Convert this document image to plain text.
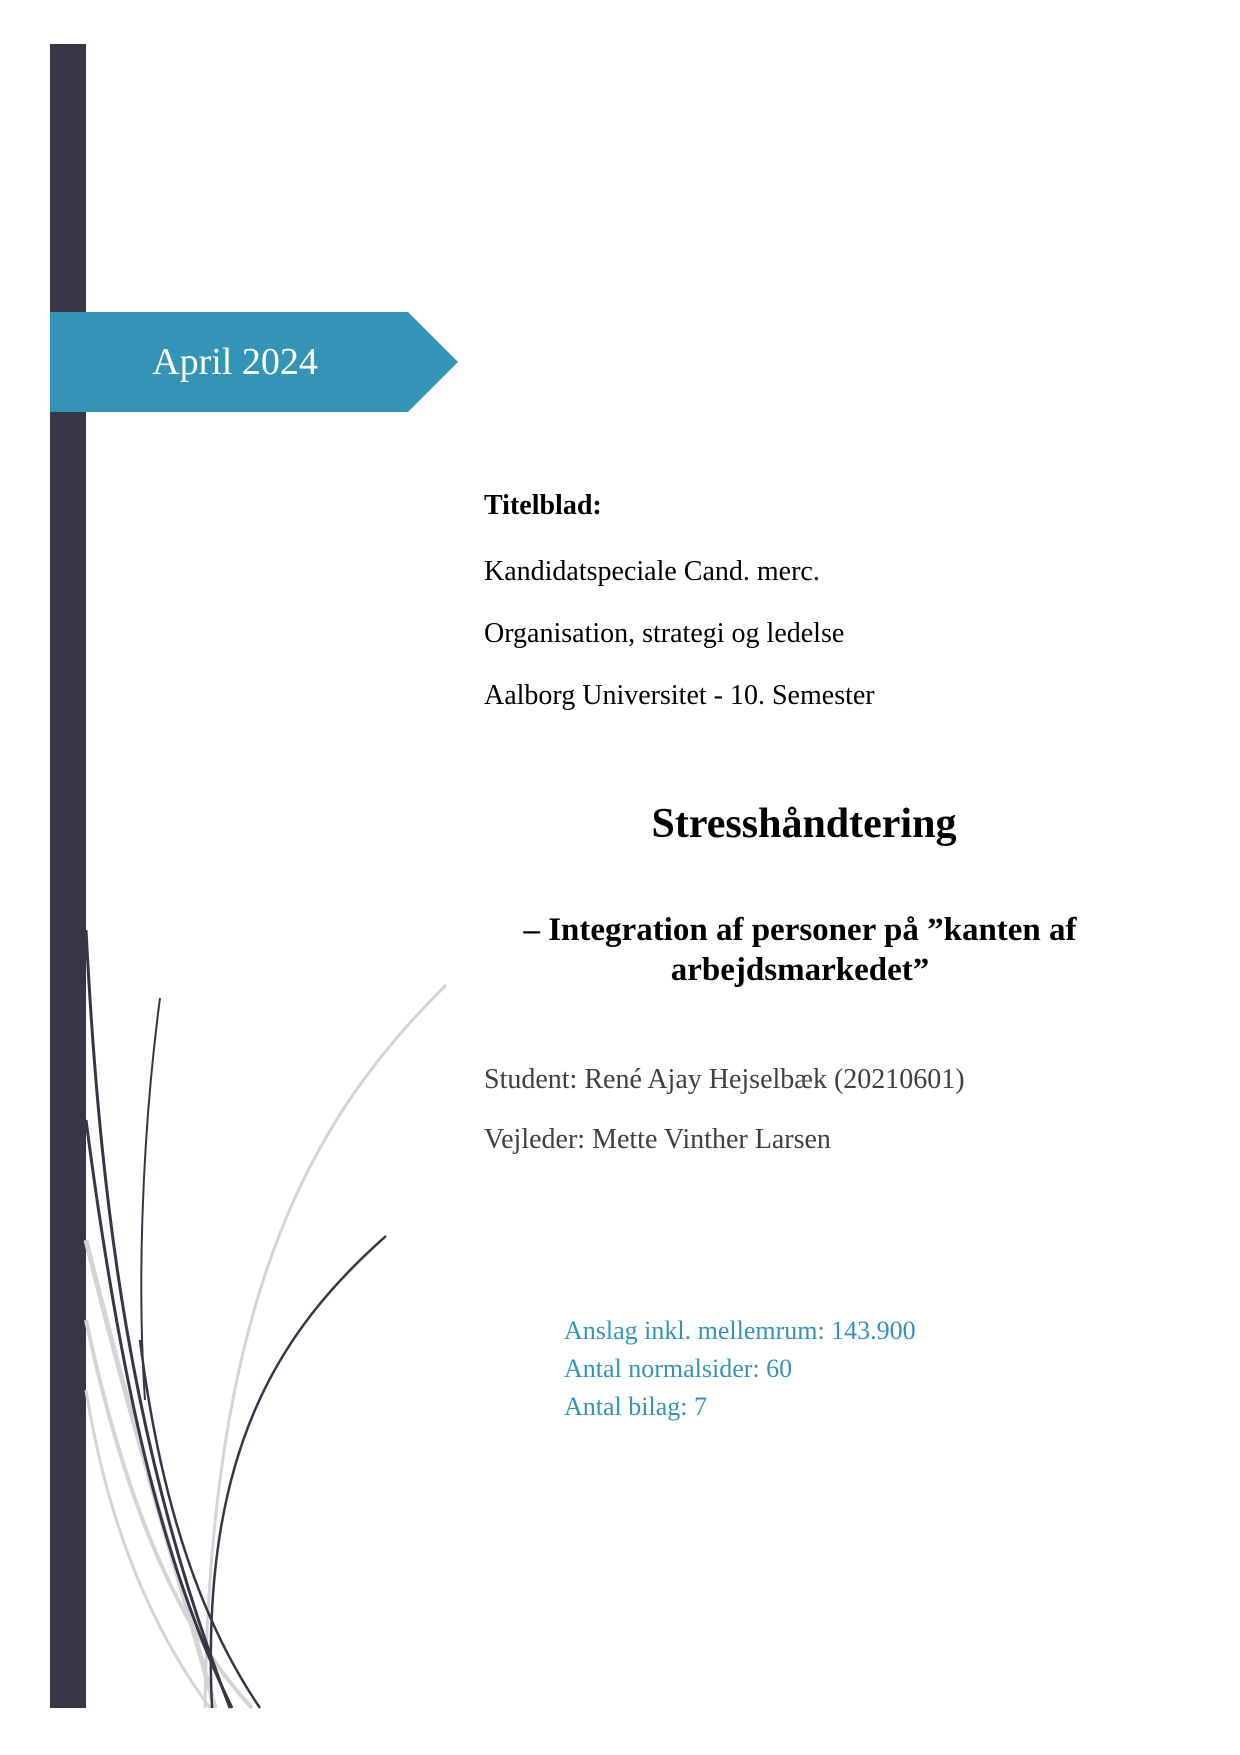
April 2024
Titelblad:
Kandidatspeciale Cand. merc.
Organisation, strategi og ledelse
Aalborg Universitet - 10. Semester
Stresshåndtering
– Integration af personer på ”kanten af
arbejdsmarkedet”
Student: René Ajay Hejselbæk (20210601)
Vejleder: Mette Vinther Larsen
Anslag inkl. mellemrum: 143.900
Antal normalsider: 60
Antal bilag: 7
